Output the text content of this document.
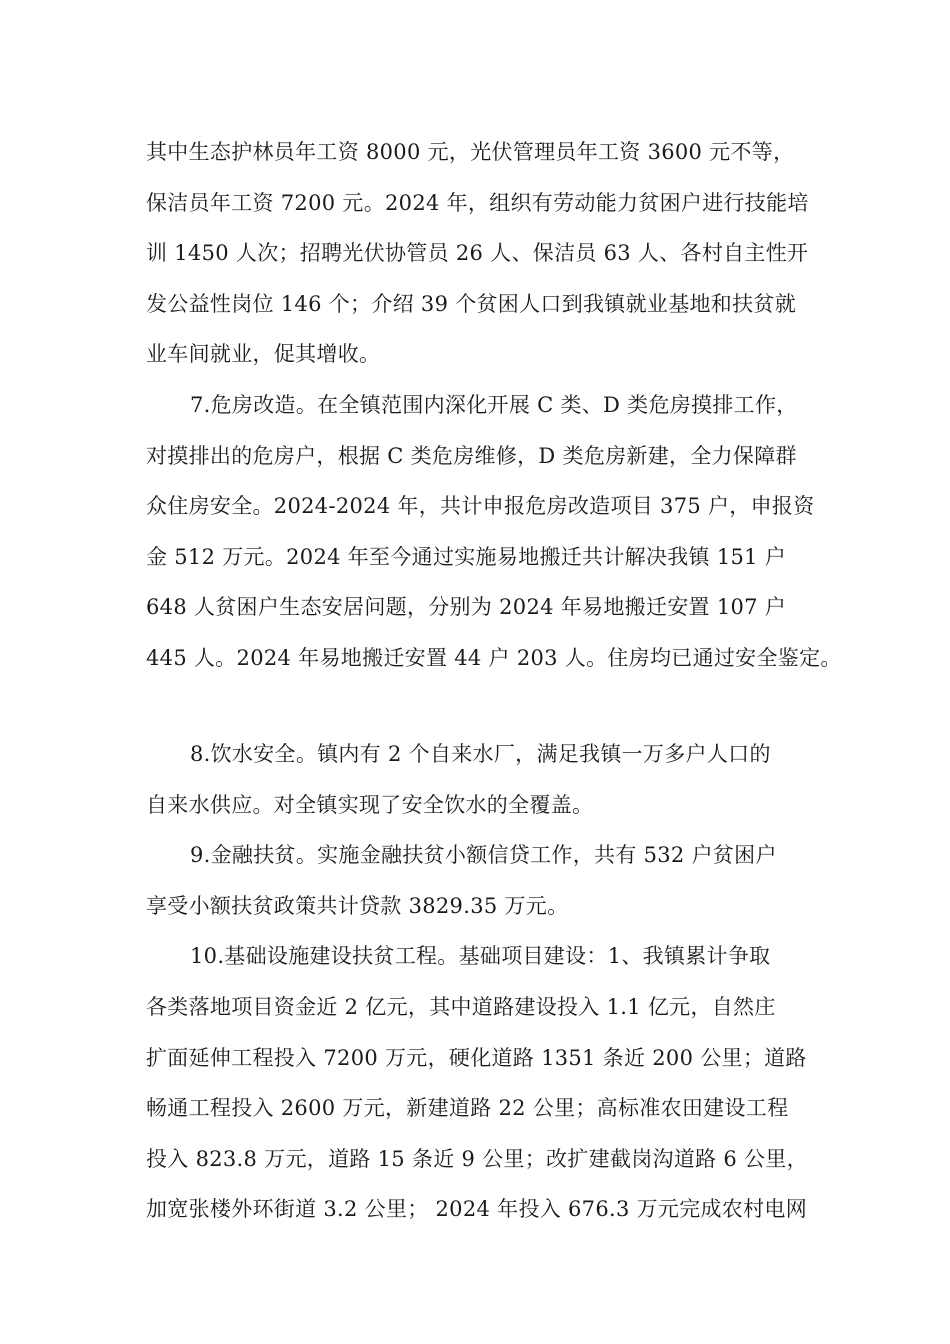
其中生态护林员年工资 8000 元，光伏管理员年工资 3600 元不等，
保洁员年工资 7200 元。2024 年，组织有劳动能力贫困户进行技能培
训 1450 人次；招聘光伏协管员 26 人、保洁员 63 人、各村自主性开
发公益性岗位 146 个；介绍 39 个贫困人口到我镇就业基地和扶贫就
业车间就业，促其增收。
7.危房改造。在全镇范围内深化开展 C 类、D 类危房摸排工作，
对摸排出的危房户，根据 C 类危房维修，D 类危房新建，全力保障群
众住房安全。2024-2024 年，共计申报危房改造项目 375 户，申报资
金 512 万元。2024 年至今通过实施易地搬迁共计解决我镇 151 户
648 人贫困户生态安居问题，分别为 2024 年易地搬迁安置 107 户
445 人。2024 年易地搬迁安置 44 户 203 人。住房均已通过安全鉴定。
8.饮水安全。镇内有 2 个自来水厂，满足我镇一万多户人口的
自来水供应。对全镇实现了安全饮水的全覆盖。
9.金融扶贫。实施金融扶贫小额信贷工作，共有 532 户贫困户
享受小额扶贫政策共计贷款 3829.35 万元。
10.基础设施建设扶贫工程。基础项目建设：1、我镇累计争取
各类落地项目资金近 2 亿元，其中道路建设投入 1.1 亿元，自然庄
扩面延伸工程投入 7200 万元，硬化道路 1351 条近 200 公里；道路
畅通工程投入 2600 万元，新建道路 22 公里；高标准农田建设工程
投入 823.8 万元，道路 15 条近 9 公里；改扩建截岗沟道路 6 公里，
加宽张楼外环街道 3.2 公里； 2024 年投入 676.3 万元完成农村电网
